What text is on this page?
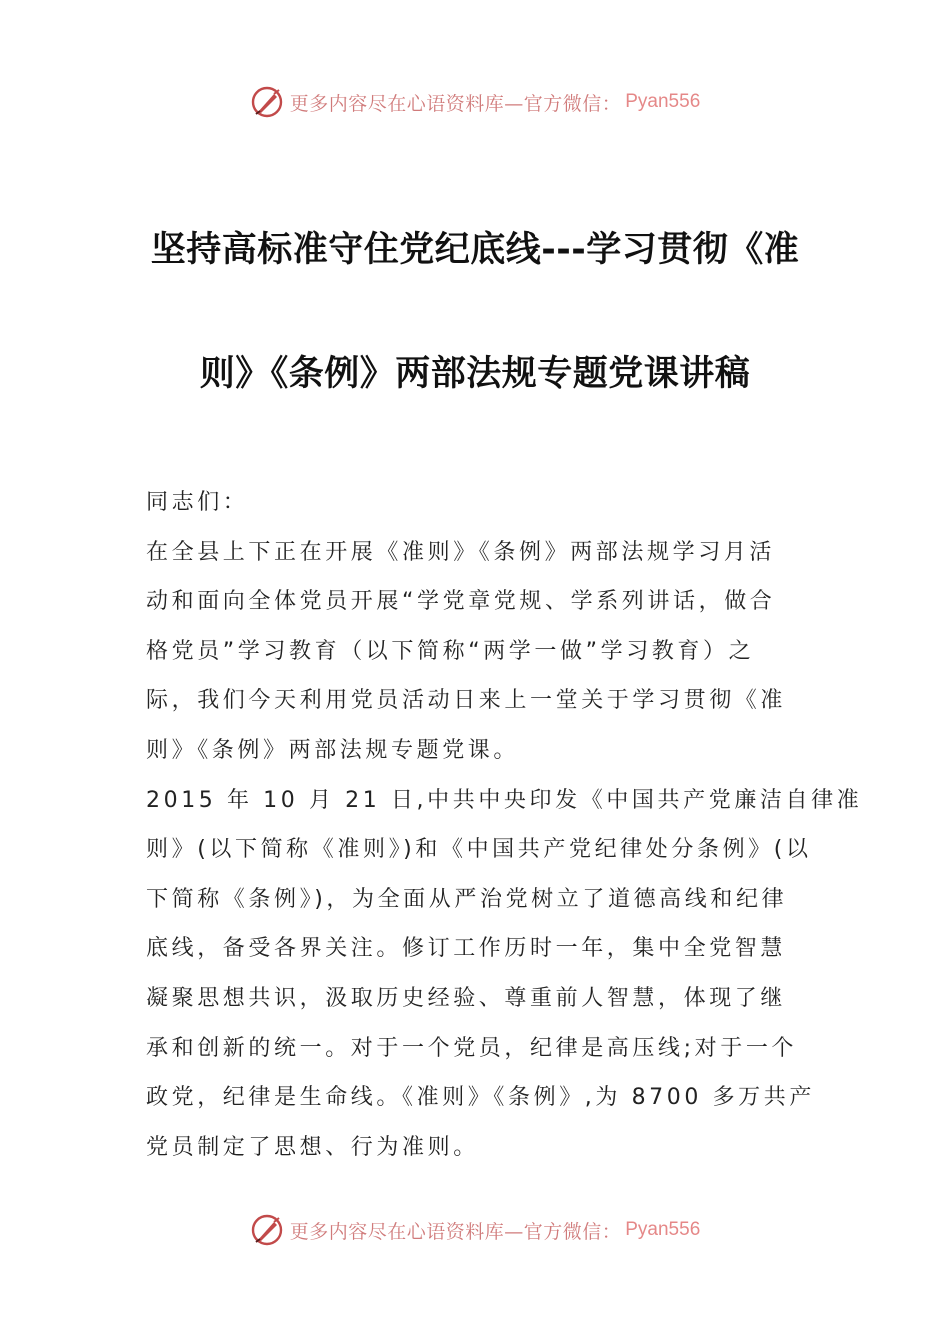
更多内容尽在心语资料库—官方微信： Pyan556
坚持高标准守住党纪底线---学习贯彻《准
则》《条例》两部法规专题党课讲稿
同志们：
在全县上下正在开展《准则》《条例》两部法规学习月活
动和面向全体党员开展“学党章党规、学系列讲话，做合
格党员”学习教育（以下简称“两学一做”学习教育）之
际，我们今天利用党员活动日来上一堂关于学习贯彻《准
则》《条例》两部法规专题党课。
2015 年 10 月 21 日,中共中央印发《中国共产党廉洁自律准
则》(以下简称《准则》)和《中国共产党纪律处分条例》(以
下简称《条例》)，为全面从严治党树立了道德高线和纪律
底线，备受各界关注。修订工作历时一年，集中全党智慧
凝聚思想共识，汲取历史经验、尊重前人智慧，体现了继
承和创新的统一。对于一个党员，纪律是高压线;对于一个
政党，纪律是生命线。《准则》《条例》,为 8700 多万共产
党员制定了思想、行为准则。
更多内容尽在心语资料库—官方微信： Pyan556
